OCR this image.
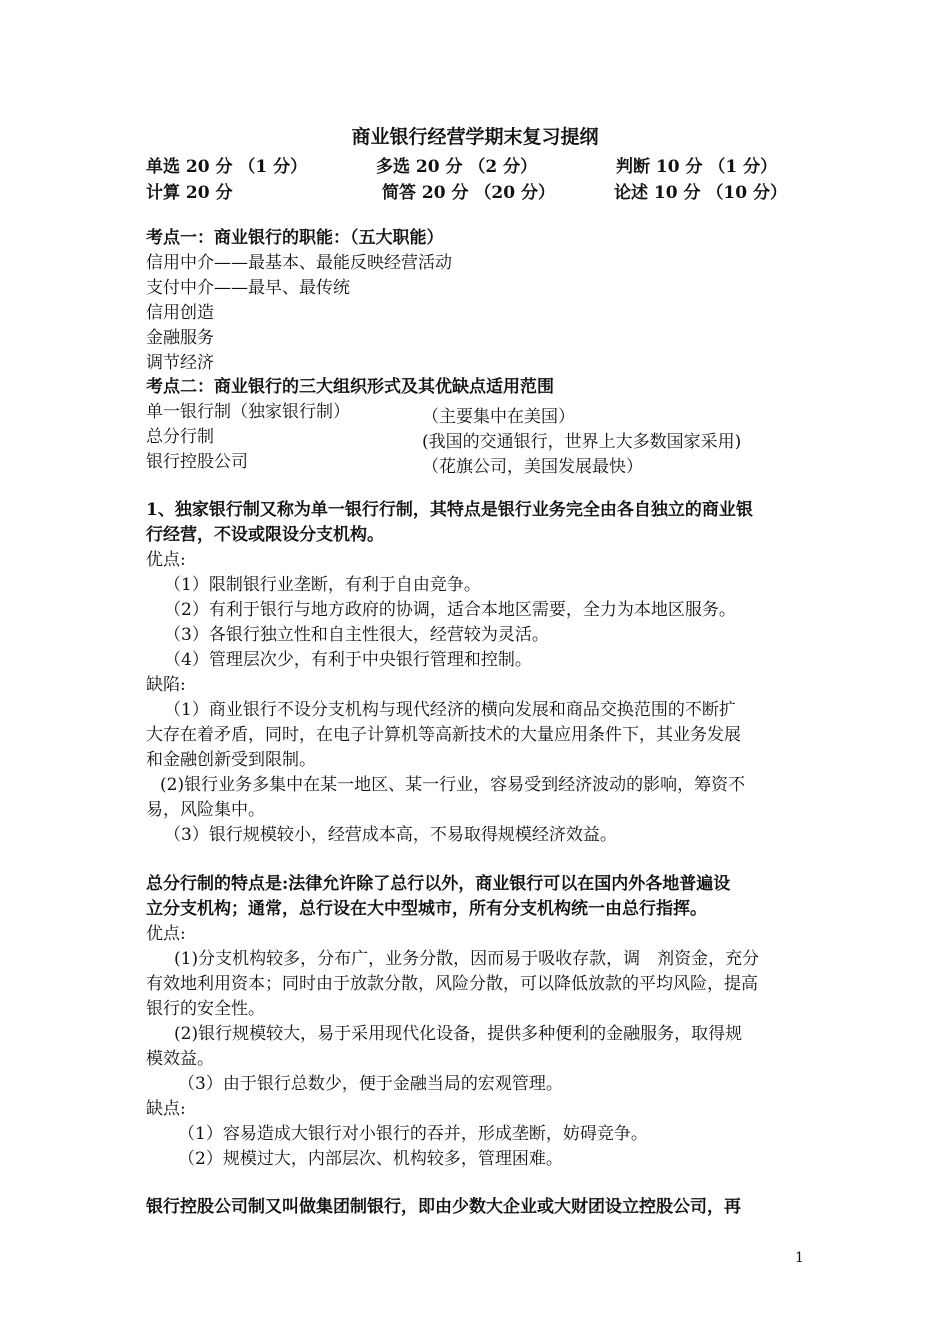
商业银行经营学期末复习提纲
单选 20 分 （1 分）	多选 20 分 （2 分）	判断 10 分 （1 分）
计算 20 分	简答 20 分 （20 分）	论述 10 分 （10 分）
考点一：商业银行的职能：（五大职能）
信用中介——最基本、最能反映经营活动
支付中介——最早、最传统
信用创造
金融服务
调节经济
考点二：商业银行的三大组织形式及其优缺点适用范围
单一银行制（独家银行制）	（主要集中在美国）
总分行制	(我国的交通银行，世界上大多数国家采用)
银行控股公司	（花旗公司，美国发展最快）
1、独家银行制又称为单一银行行制，其特点是银行业务完全由各自独立的商业银
行经营，不设或限设分支机构。
优点:
（1）限制银行业垄断，有利于自由竞争。
（2）有利于银行与地方政府的协调，适合本地区需要，全力为本地区服务。
（3）各银行独立性和自主性很大，经营较为灵活。
（4）管理层次少，有利于中央银行管理和控制。
缺陷:
（1）商业银行不设分支机构与现代经济的横向发展和商品交换范围的不断扩
大存在着矛盾，同时，在电子计算机等高新技术的大量应用条件下，其业务发展
和金融创新受到限制。
(2)银行业务多集中在某一地区、某一行业，容易受到经济波动的影响，筹资不
易，风险集中。
（3）银行规模较小，经营成本高，不易取得规模经济效益。
总分行制的特点是:法律允许除了总行以外，商业银行可以在国内外各地普遍设
立分支机构；通常，总行设在大中型城市，所有分支机构统一由总行指挥。
优点:
(1)分支机构较多，分布广，业务分散，因而易于吸收存款，调　剂资金，充分
有效地利用资本；同时由于放款分散，风险分散，可以降低放款的平均风险，提高
银行的安全性。
(2)银行规模较大，易于采用现代化设备，提供多种便利的金融服务，取得规
模效益。
（3）由于银行总数少，便于金融当局的宏观管理。
缺点:
（1）容易造成大银行对小银行的吞并，形成垄断，妨碍竞争。
（2）规模过大，内部层次、机构较多，管理困难。
银行控股公司制又叫做集团制银行，即由少数大企业或大财团设立控股公司，再
1
